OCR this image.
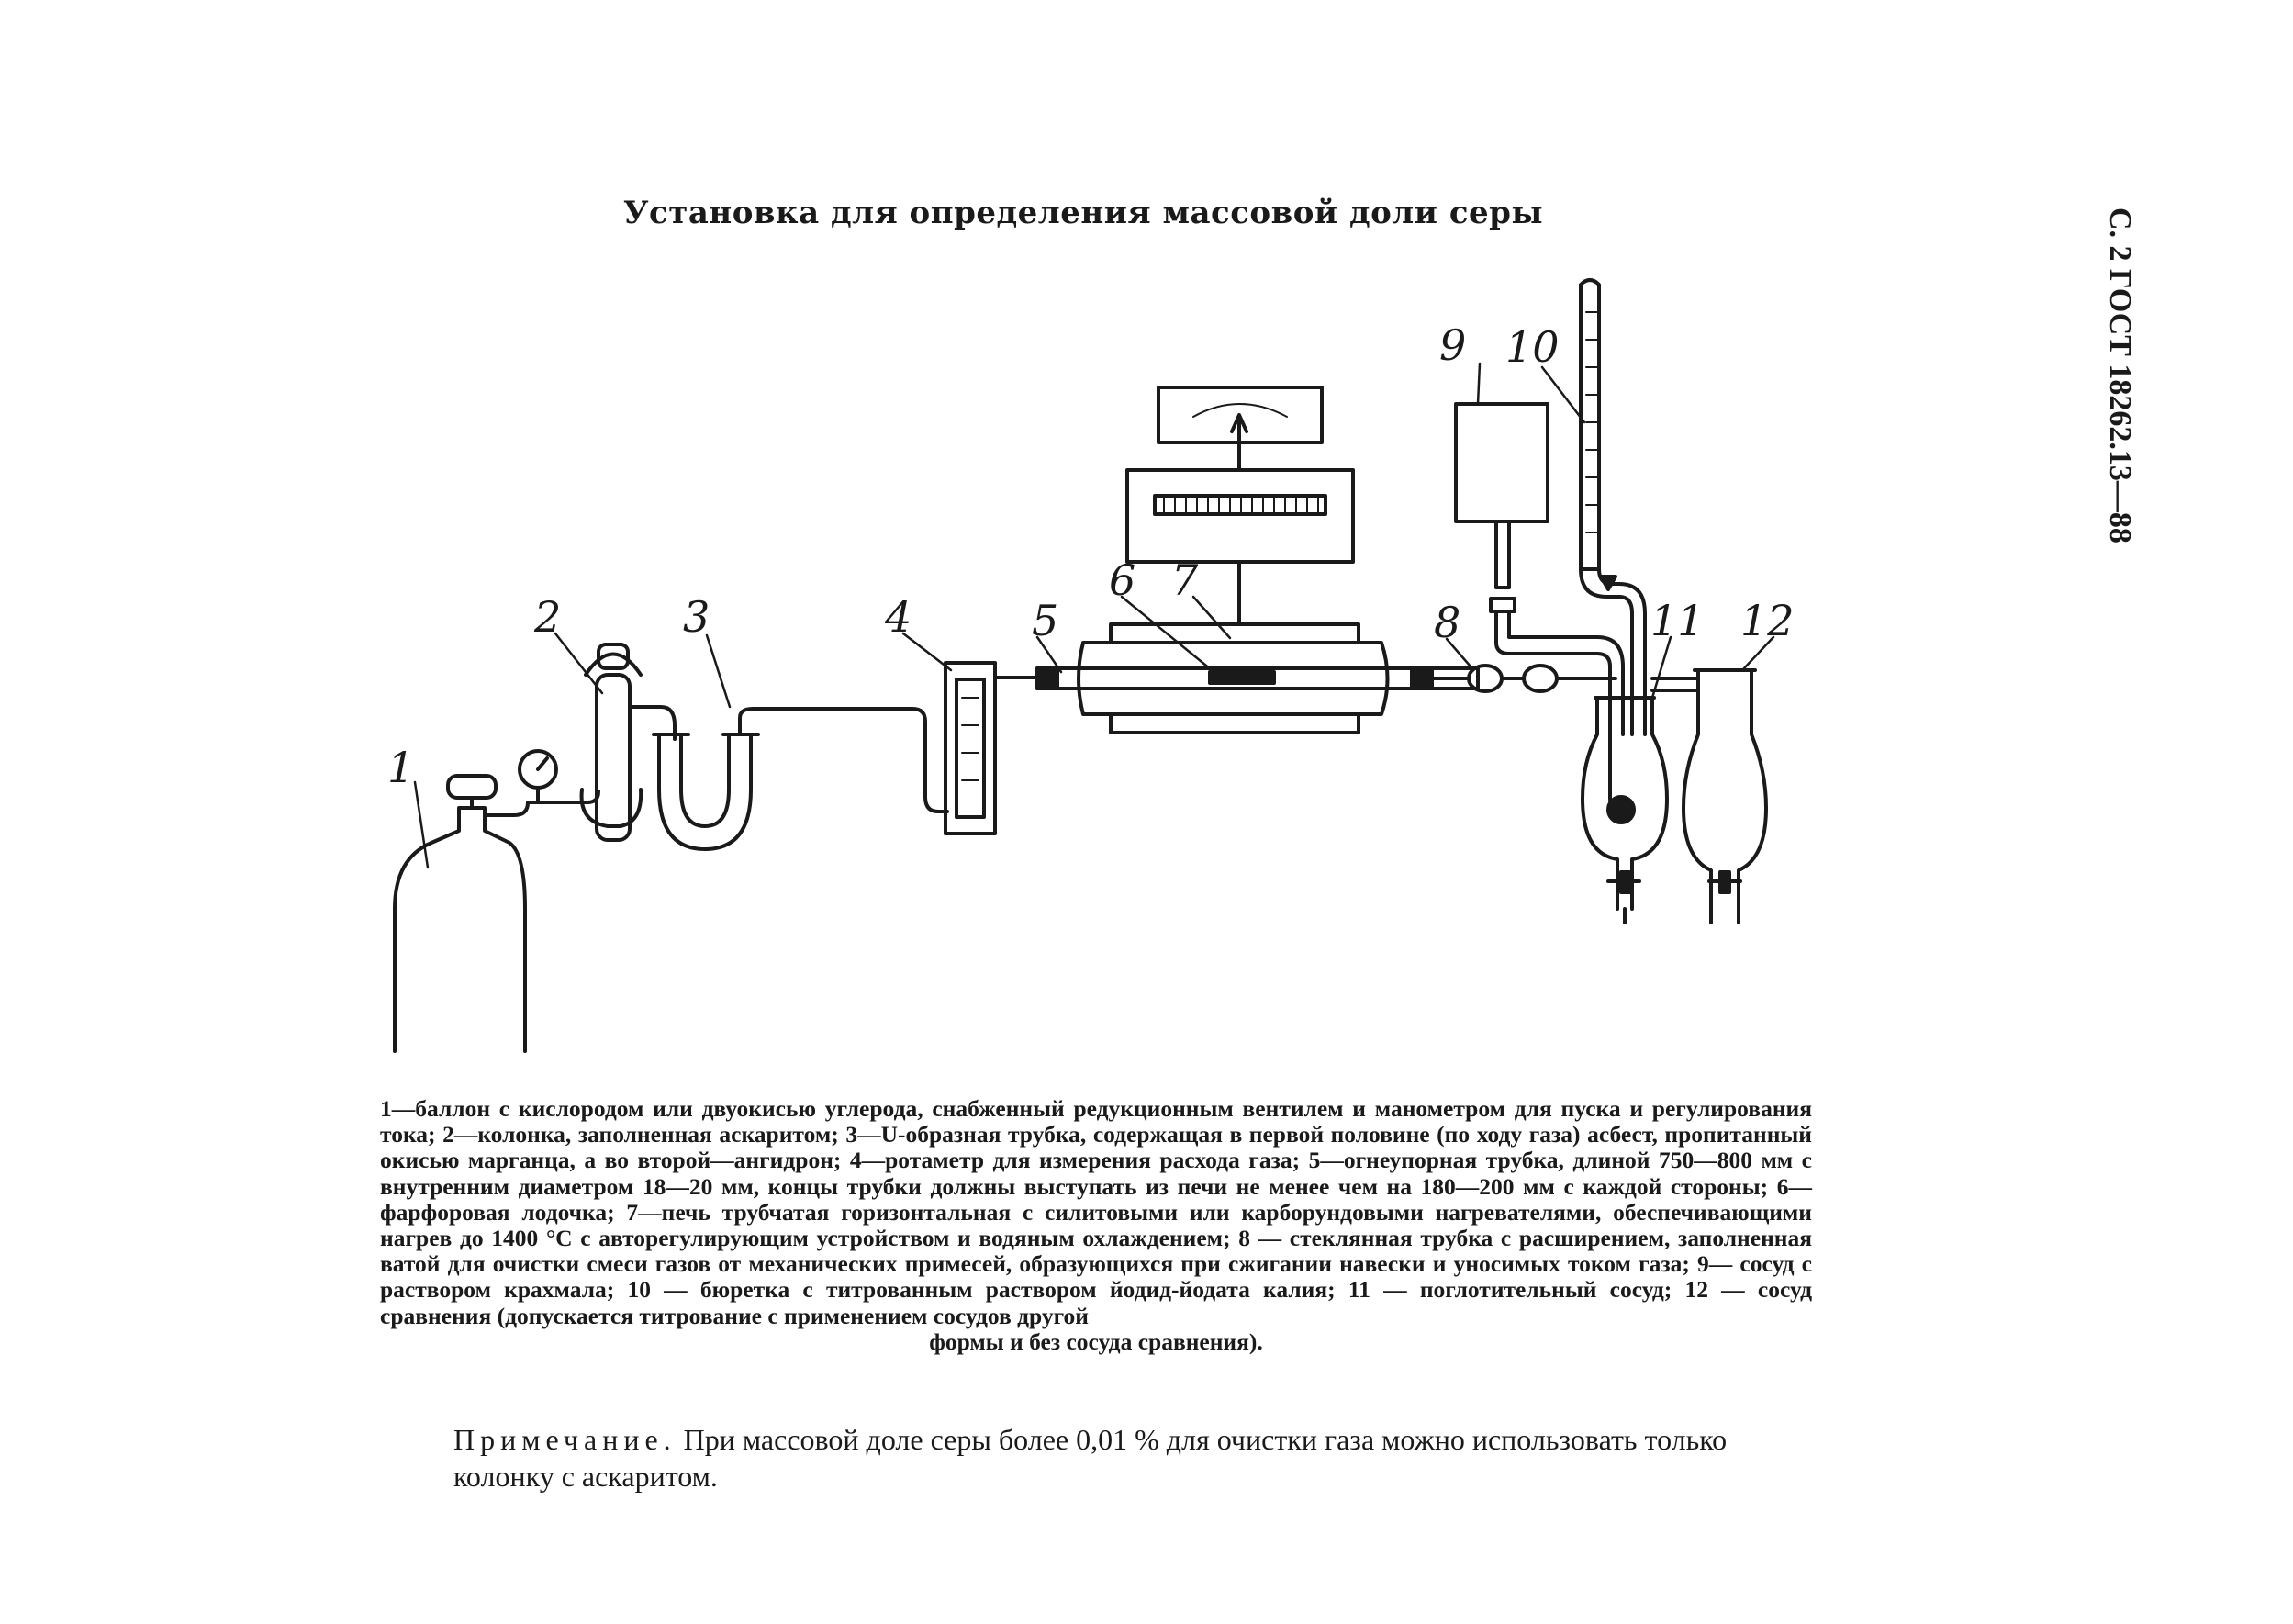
Установка для определения массовой доли серы	С. 2 ГОСТ 18262.13—88
1
2	3	4	5
6 7
8
9 10
11 12
1—баллон с кислородом или двуокисью углерода, снабженный редукционным вентилем и манометром для пуска и регулирования тока; 2—колонка, заполненная аскаритом; 3—U-образная трубка, содержащая в первой половине (по ходу газа) асбест, пропитанный окисью марганца, а во второй—ангидрон; 4—ротаметр для измерения расхода газа; 5—огнеупорная трубка, длиной 750—800 мм с внутренним диаметром 18—20 мм, концы трубки должны выступать из печи не менее чем на 180—200 мм с каждой стороны; 6—фарфоровая лодочка; 7—печь трубчатая горизонтальная с силитовыми или карборундовыми нагревателями, обеспечивающими нагрев до 1400 °С с авторегулирующим устройством и водяным охлаждением; 8 — стеклянная трубка с расширением, заполненная ватой для очистки смеси газов от механических примесей, образующихся при сжигании навески и уносимых током газа; 9— сосуд с раствором крахмала; 10 — бюретка с титрованным раствором йодид-йодата калия; 11 — поглотительный сосуд; 12 — сосуд сравнения (допускается титрование с применением сосудов другой
формы и без сосуда сравнения).
Примечание. При массовой доле серы более 0,01 % для очистки газа можно использовать только колонку с аскаритом.
